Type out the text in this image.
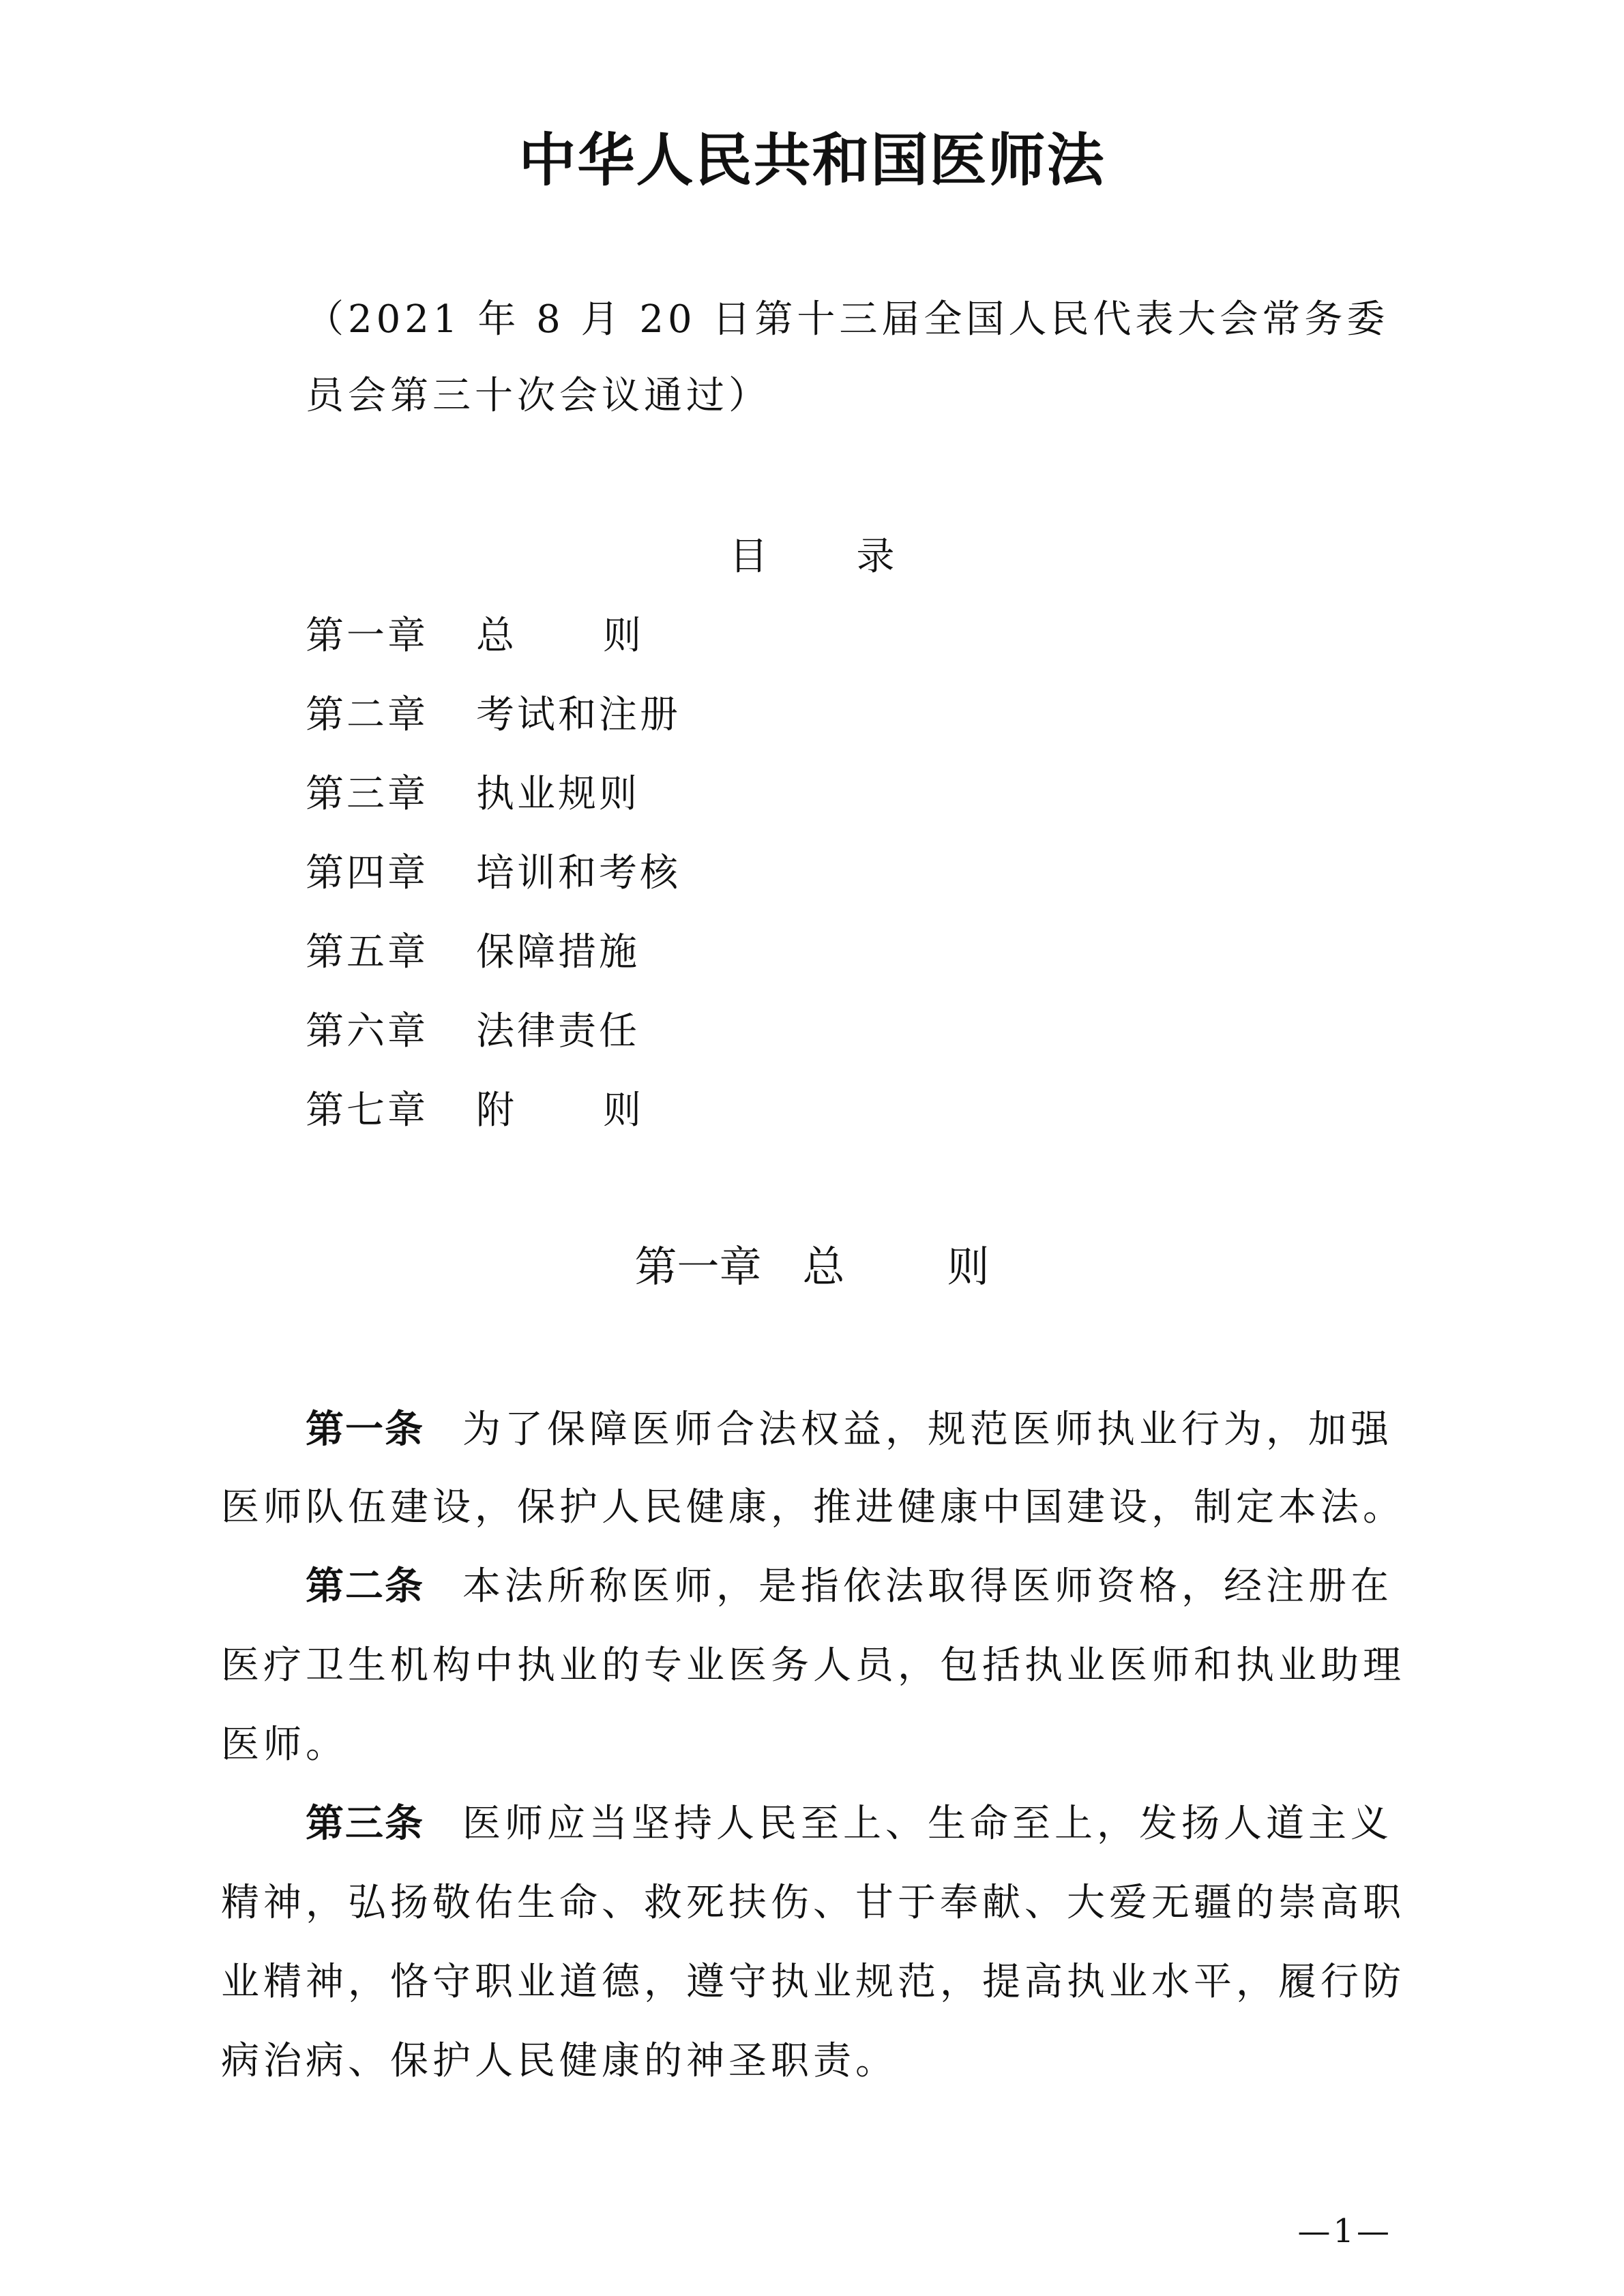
中华人民共和国医师法
（2021 年 8 月 20 日第十三届全国人民代表大会常务委
员会第三十次会议通过）
目 录
第一章 总则
第二章 考试和注册
第三章 执业规则
第四章 培训和考核
第五章 保障措施
第六章 法律责任
第七章 附则
第一章 总则
第一条 为了保障医师合法权益，规范医师执业行为，加强
医师队伍建设，保护人民健康，推进健康中国建设，制定本法。
第二条 本法所称医师，是指依法取得医师资格，经注册在
医疗卫生机构中执业的专业医务人员，包括执业医师和执业助理
医师。
第三条 医师应当坚持人民至上、生命至上，发扬人道主义
精神，弘扬敬佑生命、救死扶伤、甘于奉献、大爱无疆的崇高职
业精神，恪守职业道德，遵守执业规范，提高执业水平，履行防
病治病、保护人民健康的神圣职责。
—1—
